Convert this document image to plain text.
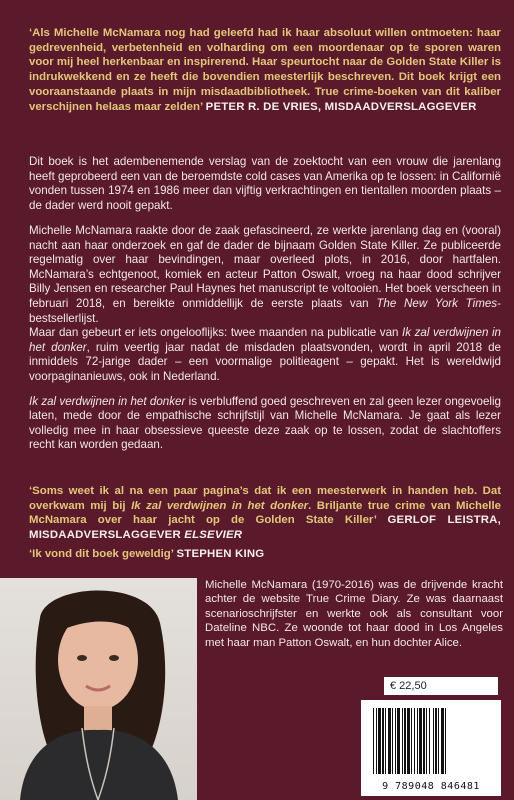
‘Als Michelle McNamara nog had geleefd had ik haar absoluut willen ontmoeten: haar gedrevenheid, verbetenheid en volharding om een moordenaar op te sporen waren voor mij heel herkenbaar en inspirerend. Haar speurtocht naar de Golden State Killer is indrukwekkend en ze heeft die bovendien meesterlijk beschreven. Dit boek krijgt een vooraanstaande plaats in mijn misdaadbibliotheek. True crime-boeken van dit kaliber verschijnen helaas maar zelden’ PETER R. DE VRIES, MISDAADVERSLAGGEVER

Dit boek is het adembenemende verslag van de zoektocht van een vrouw die jarenlang heeft geprobeerd een van de beroemdste cold cases van Amerika op te lossen: in Californië vonden tussen 1974 en 1986 meer dan vijftig verkrachtingen en tientallen moorden plaats – de dader werd nooit gepakt.

Michelle McNamara raakte door de zaak gefascineerd, ze werkte jarenlang dag en (vooral) nacht aan haar onderzoek en gaf de dader de bijnaam Golden State Killer. Ze publiceerde regelmatig over haar bevindingen, maar overleed plots, in 2016, door hartfalen. McNamara’s echtgenoot, komiek en acteur Patton Oswalt, vroeg na haar dood schrijver Billy Jensen en researcher Paul Haynes het manuscript te voltooien. Het boek verscheen in februari 2018, en bereikte onmiddellijk de eerste plaats van The New York Times-bestsellerlijst.

Maar dan gebeurt er iets ongelooflijks: twee maanden na publicatie van Ik zal verdwijnen in het donker, ruim veertig jaar nadat de misdaden plaatsvonden, wordt in april 2018 de inmiddels 72-jarige dader – een voormalige politieagent – gepakt. Het is wereldwijd voorpaginanieuws, ook in Nederland.

Ik zal verdwijnen in het donker is verbluffend goed geschreven en zal geen lezer ongevoelig laten, mede door de empathische schrijfstijl van Michelle McNamara. Je gaat als lezer volledig mee in haar obsessieve queeste deze zaak op te lossen, zodat de slachtoffers recht kan worden gedaan.

‘Soms weet ik al na een paar pagina’s dat ik een meesterwerk in handen heb. Dat overkwam mij bij Ik zal verdwijnen in het donker. Briljante true crime van Michelle McNamara over haar jacht op de Golden State Killer’ GERLOF LEISTRA, MISDAADVERSLAGGEVER ELSEVIER
‘Ik vond dit boek geweldig’ STEPHEN KING
Michelle McNamara (1970-2016) was de drijvende kracht achter de website True Crime Diary. Ze was daarnaast scenarioschrijfster en werkte ook als consultant voor Dateline NBC. Ze woonde tot haar dood in Los Angeles met haar man Patton Oswalt, en hun dochter Alice.
€ 22,50
9 789048 846481
